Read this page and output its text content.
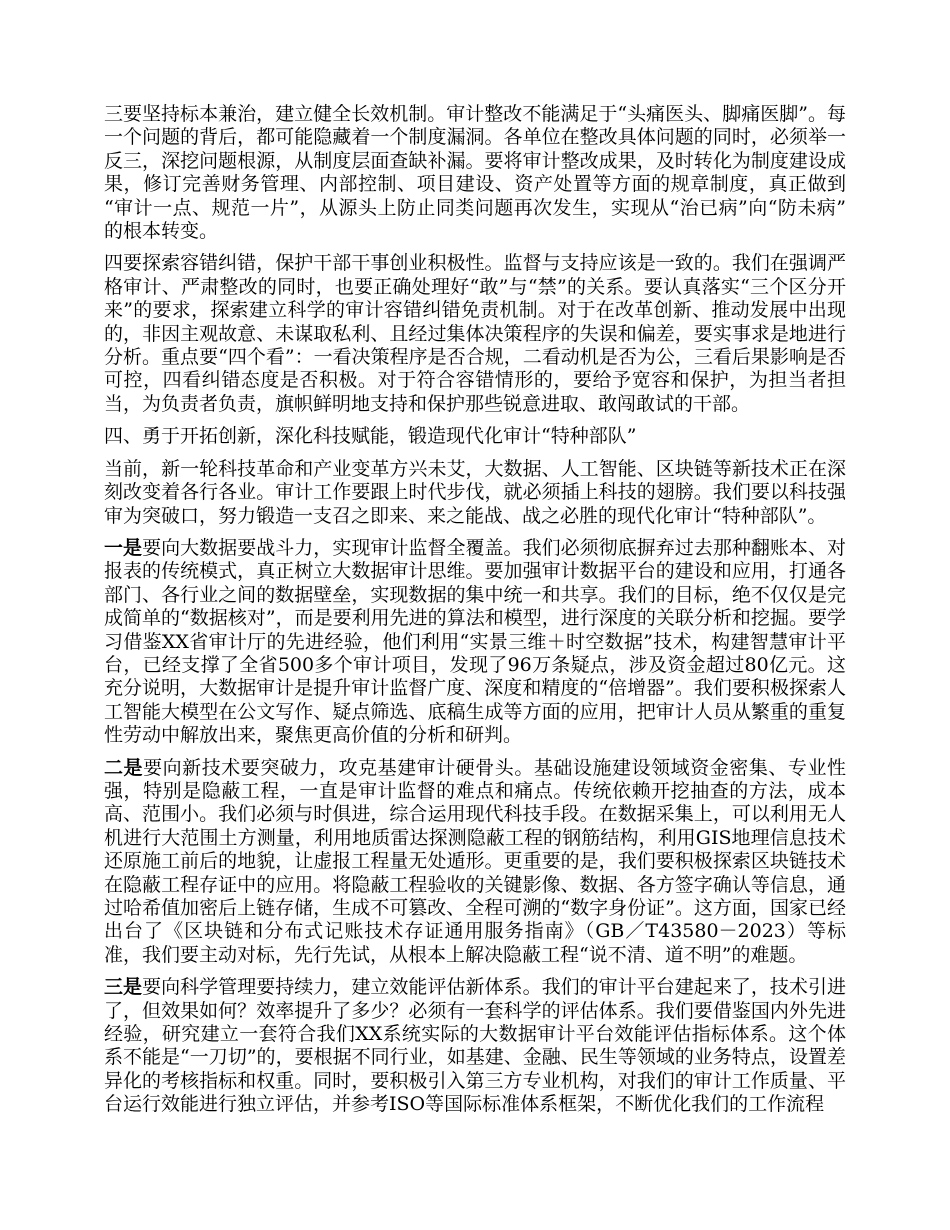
三要坚持标本兼治，建立健全长效机制。审计整改不能满足于“头痛医头、脚痛医脚”。每一个问题的背后，都可能隐藏着一个制度漏洞。各单位在整改具体问题的同时，必须举一反三，深挖问题根源，从制度层面查缺补漏。要将审计整改成果，及时转化为制度建设成果，修订完善财务管理、内部控制、项目建设、资产处置等方面的规章制度，真正做到“审计一点、规范一片”，从源头上防止同类问题再次发生，实现从“治已病”向“防未病”的根本转变。

四要探索容错纠错，保护干部干事创业积极性。监督与支持应该是一致的。我们在强调严格审计、严肃整改的同时，也要正确处理好“敢”与“禁”的关系。要认真落实“三个区分开来”的要求，探索建立科学的审计容错纠错免责机制。对于在改革创新、推动发展中出现的，非因主观故意、未谋取私利、且经过集体决策程序的失误和偏差，要实事求是地进行分析。重点要“四个看”：一看决策程序是否合规，二看动机是否为公，三看后果影响是否可控，四看纠错态度是否积极。对于符合容错情形的，要给予宽容和保护，为担当者担当，为负责者负责，旗帜鲜明地支持和保护那些锐意进取、敢闯敢试的干部。

四、勇于开拓创新，深化科技赋能，锻造现代化审计“特种部队”

当前，新一轮科技革命和产业变革方兴未艾，大数据、人工智能、区块链等新技术正在深刻改变着各行各业。审计工作要跟上时代步伐，就必须插上科技的翅膀。我们要以科技强审为突破口，努力锻造一支召之即来、来之能战、战之必胜的现代化审计“特种部队”。

一是要向大数据要战斗力，实现审计监督全覆盖。我们必须彻底摒弃过去那种翻账本、对报表的传统模式，真正树立大数据审计思维。要加强审计数据平台的建设和应用，打通各部门、各行业之间的数据壁垒，实现数据的集中统一和共享。我们的目标，绝不仅仅是完成简单的“数据核对”，而是要利用先进的算法和模型，进行深度的关联分析和挖掘。要学习借鉴XX省审计厅的先进经验，他们利用“实景三维＋时空数据”技术，构建智慧审计平台，已经支撑了全省500多个审计项目，发现了96万条疑点，涉及资金超过80亿元。这充分说明，大数据审计是提升审计监督广度、深度和精度的“倍增器”。我们要积极探索人工智能大模型在公文写作、疑点筛选、底稿生成等方面的应用，把审计人员从繁重的重复性劳动中解放出来，聚焦更高价值的分析和研判。

二是要向新技术要突破力，攻克基建审计硬骨头。基础设施建设领域资金密集、专业性强，特别是隐蔽工程，一直是审计监督的难点和痛点。传统依赖开挖抽查的方法，成本高、范围小。我们必须与时俱进，综合运用现代科技手段。在数据采集上，可以利用无人机进行大范围土方测量，利用地质雷达探测隐蔽工程的钢筋结构，利用GIS地理信息技术还原施工前后的地貌，让虚报工程量无处遁形。更重要的是，我们要积极探索区块链技术在隐蔽工程存证中的应用。将隐蔽工程验收的关键影像、数据、各方签字确认等信息，通过哈希值加密后上链存储，生成不可篡改、全程可溯的“数字身份证”。这方面，国家已经出台了《区块链和分布式记账技术存证通用服务指南》（GB／T43580－2023）等标准，我们要主动对标，先行先试，从根本上解决隐蔽工程“说不清、道不明”的难题。

三是要向科学管理要持续力，建立效能评估新体系。我们的审计平台建起来了，技术引进了，但效果如何？效率提升了多少？必须有一套科学的评估体系。我们要借鉴国内外先进经验，研究建立一套符合我们XX系统实际的大数据审计平台效能评估指标体系。这个体系不能是“一刀切”的，要根据不同行业，如基建、金融、民生等领域的业务特点，设置差异化的考核指标和权重。同时，要积极引入第三方专业机构，对我们的审计工作质量、平台运行效能进行独立评估，并参考ISO等国际标准体系框架，不断优化我们的工作流程
